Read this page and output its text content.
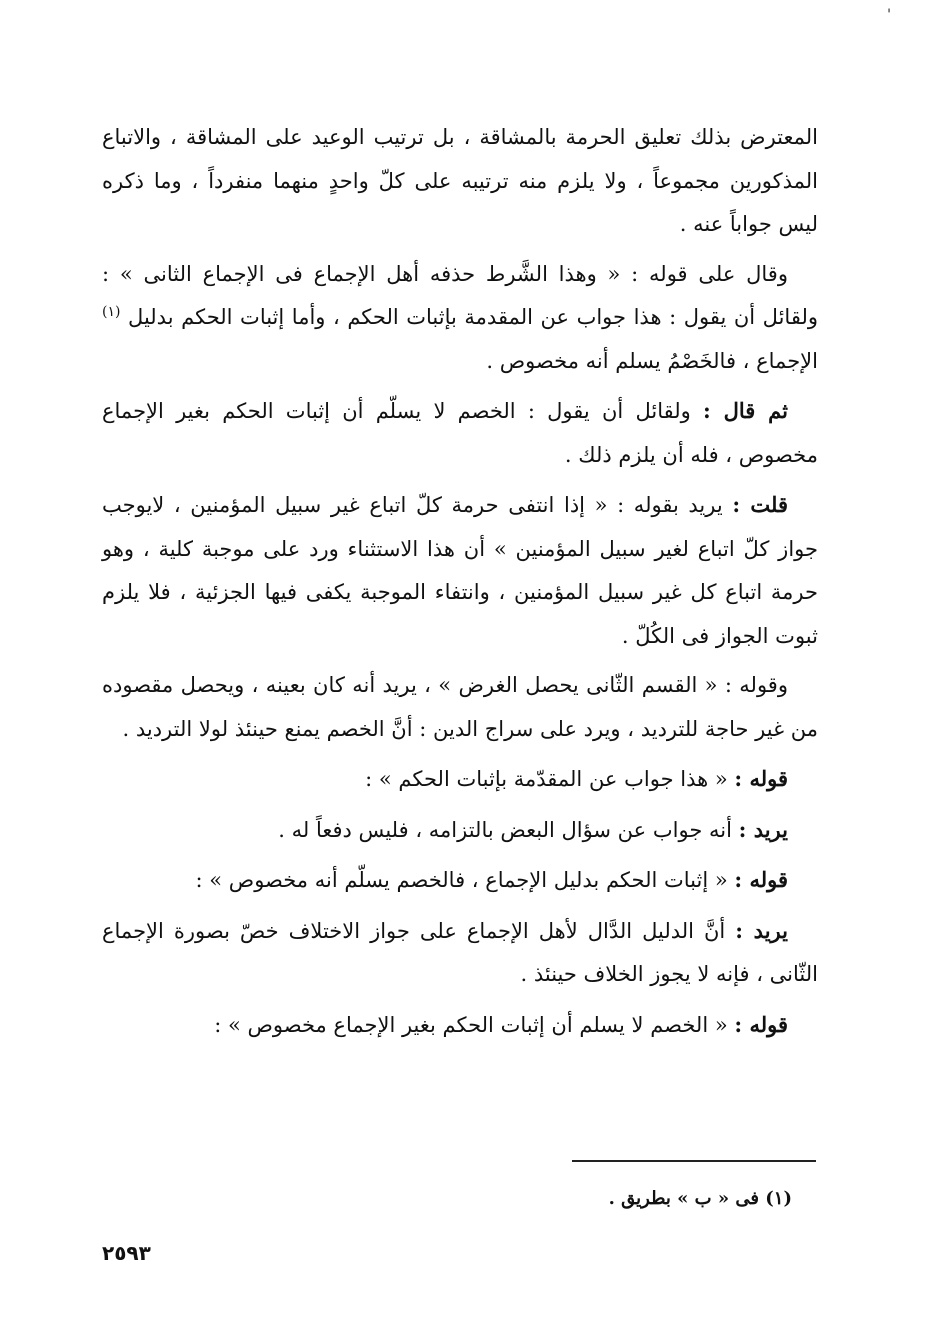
'

المعترض بذلك تعليق الحرمة بالمشاقة ، بل ترتيب الوعيد على المشاقة ، والاتباع المذكورين مجموعاً ، ولا يلزم منه ترتيبه على كلّ واحدٍ منهما منفرداً ، وما ذكره ليس جواباً عنه .

وقال على قوله : « وهذا الشَّرط حذفه أهل الإجماع فى الإجماع الثانى » : ولقائل أن يقول : هذا جواب عن المقدمة بإثبات الحكم ، وأما إثبات الحكم بدليل $^{(١)}$ الإجماع ، فالخَصْمُ يسلم أنه مخصوص .

ثم قال : ولقائل أن يقول : الخصم لا يسلّم أن إثبات الحكم بغير الإجماع مخصوص ، فله أن يلزم ذلك .

قلت : يريد بقوله : « إذا انتفى حرمة كلّ اتباع غير سبيل المؤمنين ، لايوجب جواز كلّ اتباع لغير سبيل المؤمنين » أن هذا الاستثناء ورد على موجبة كلية ، وهو حرمة اتباع كل غير سبيل المؤمنين ، وانتفاء الموجبة يكفى فيها الجزئية ، فلا يلزم ثبوت الجواز فى الكُلّ .

وقوله : « القسم الثّانى يحصل الغرض » ، يريد أنه كان بعينه ، ويحصل مقصوده من غير حاجة للترديد ، ويرد على سراج الدين : أنَّ الخصم يمنع حينئذ لولا الترديد .

قوله : « هذا جواب عن المقدّمة بإثبات الحكم » :

يريد : أنه جواب عن سؤال البعض بالتزامه ، فليس دفعاً له .

قوله : « إثبات الحكم بدليل الإجماع ، فالخصم يسلّم أنه مخصوص » :

يريد : أنَّ الدليل الدَّال لأهل الإجماع على جواز الاختلاف خصّ بصورة الإجماع الثّانى ، فإنه لا يجوز الخلاف حينئذ .

قوله : « الخصم لا يسلم أن إثبات الحكم بغير الإجماع مخصوص » :

(١) فى « ب » بطريق .
٢٥٩٣
